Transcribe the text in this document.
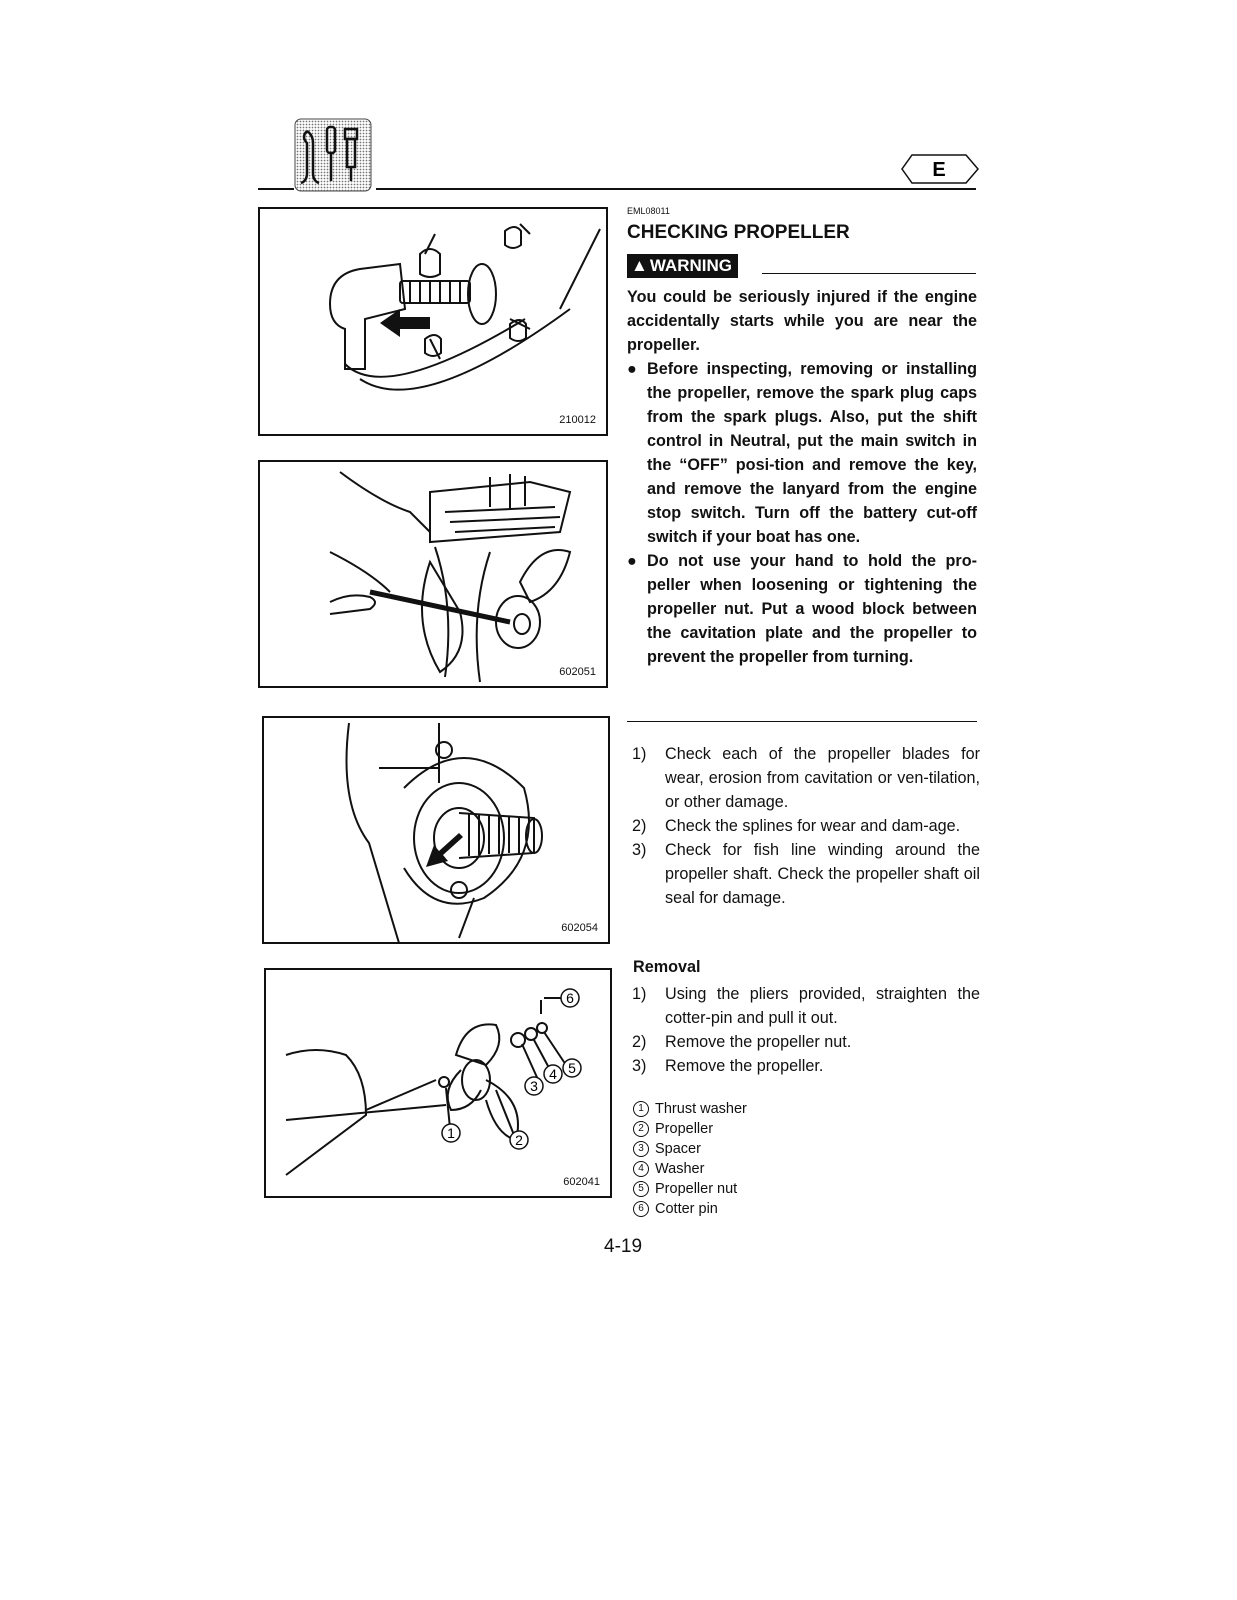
E
210012
602051
602054
1	2
3
4 5
6
602041
EML08011
CHECKING PROPELLER
▲ WARNING

You could be seriously injured if the engine accidentally starts while you are near the propeller.

● Before inspecting, removing or installing the propeller, remove the spark plug caps from the spark plugs. Also, put the shift control in Neutral, put the main switch in the “OFF” posi-tion and remove the key, and remove the lanyard from the engine stop switch. Turn off the battery cut-off switch if your boat has one.
● Do not use your hand to hold the pro-peller when loosening or tightening the propeller nut. Put a wood block between the cavitation plate and the propeller to prevent the propeller from turning.
1)	Check each of the propeller blades for wear, erosion from cavitation or ven-tilation, or other damage.
2)	Check the splines for wear and dam-age.
3)	Check for fish line winding around the propeller shaft. Check the propeller shaft oil seal for damage.
Removal
1)	Using the pliers provided, straighten the cotter-pin and pull it out.
2)	Remove the propeller nut.
3)	Remove the propeller.
1 Thrust washer
2 Propeller
3 Spacer
4 Washer
5 Propeller nut
6 Cotter pin
4-19
